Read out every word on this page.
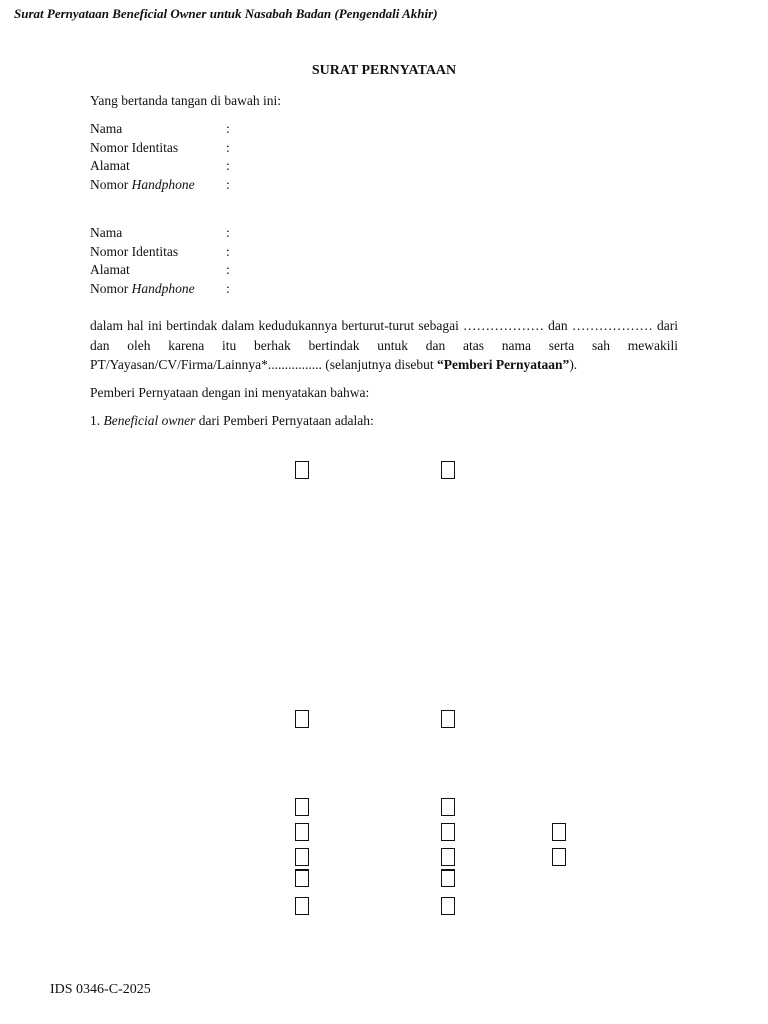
Surat Pernyataan Beneficial Owner untuk Nasabah Badan (Pengendali Akhir)
SURAT PERNYATAAN
Yang bertanda tangan di bawah ini:
Nama	:
Nomor Identitas	:
Alamat	:
Nomor Handphone :
Nama	:
Nomor Identitas	:
Alamat	:
Nomor Handphone :
dalam hal ini bertindak dalam kedudukannya berturut-turut sebagai ……………… dan ……………… dari
dan oleh karena itu berhak bertindak untuk dan atas nama serta sah mewakili
PT/Yayasan/CV/Firma/Lainnya*................ (selanjutnya disebut “Pemberi Pernyataan”).
Pemberi Pernyataan dengan ini menyatakan bahwa:
1. Beneficial owner dari Pemberi Pernyataan adalah:
IDS 0346-C-2025
